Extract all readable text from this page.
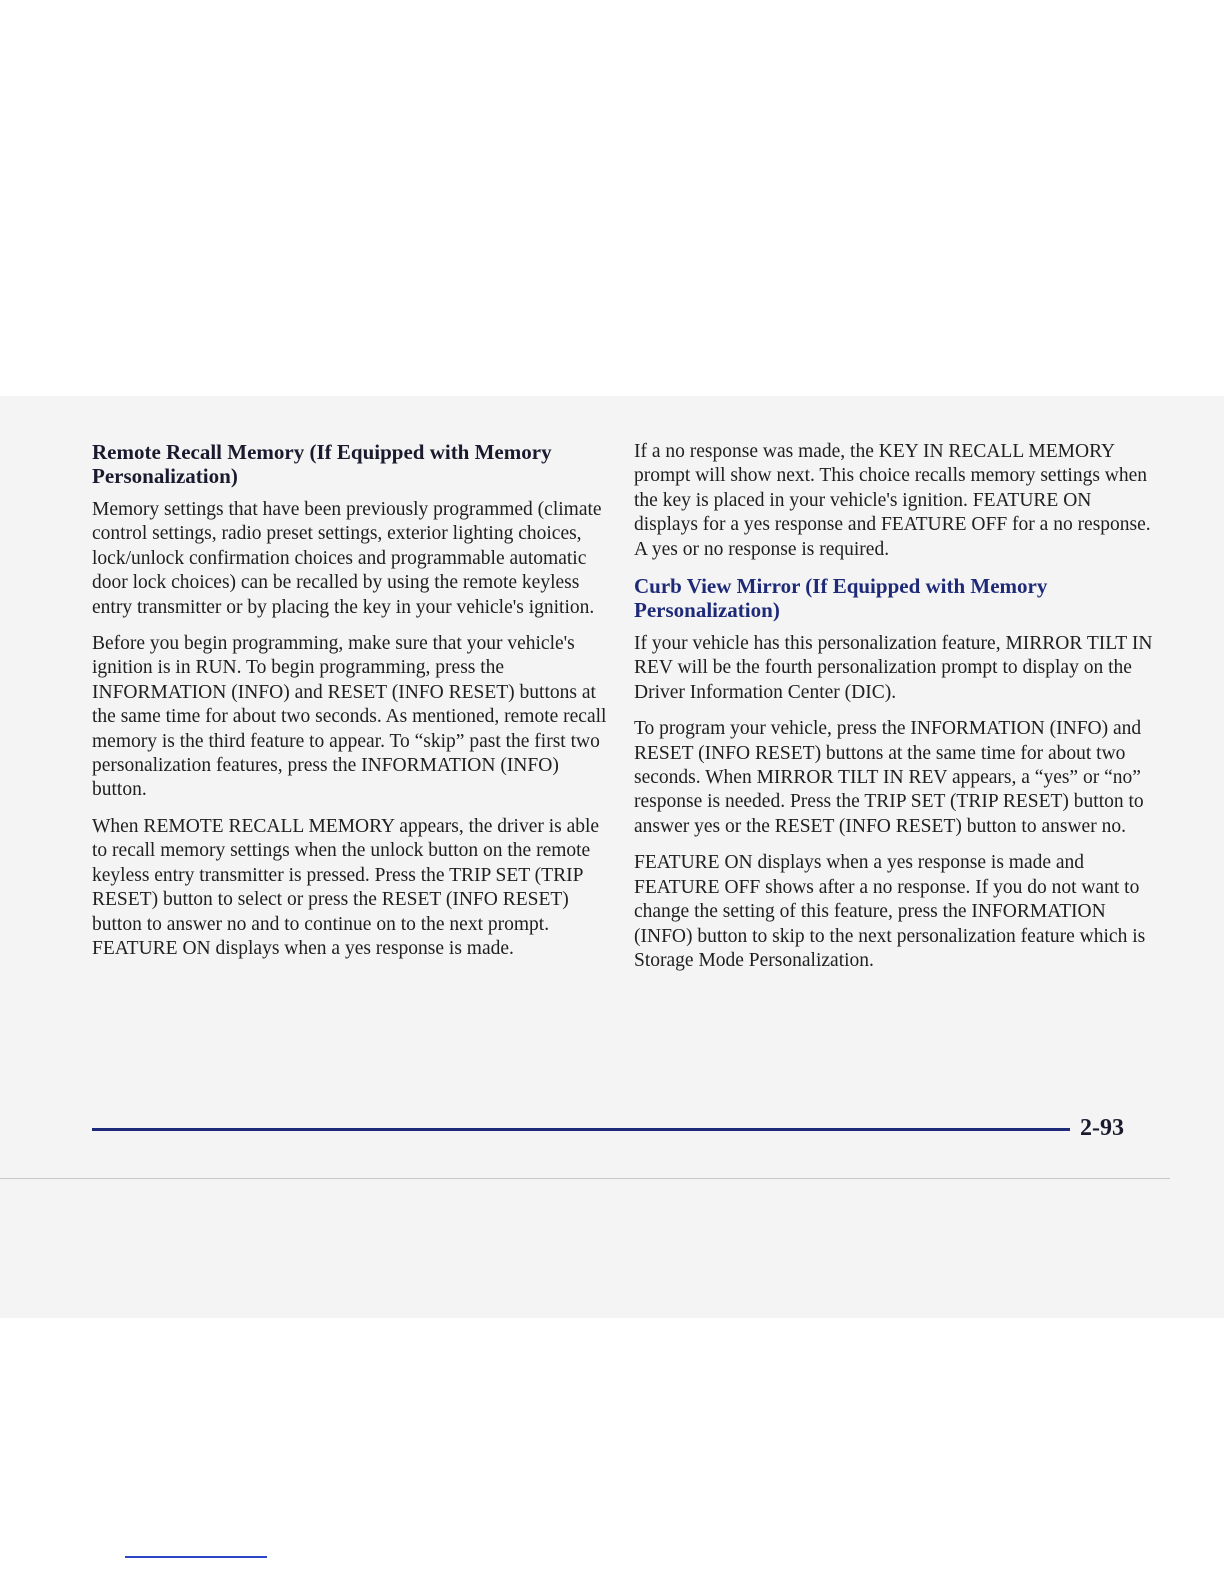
Remote Recall Memory (If Equipped with Memory Personalization)

Memory settings that have been previously programmed (climate control settings, radio preset settings, exterior lighting choices, lock/unlock confirmation choices and programmable automatic door lock choices) can be recalled by using the remote keyless entry transmitter or by placing the key in your vehicle's ignition.

Before you begin programming, make sure that your vehicle's ignition is in RUN. To begin programming, press the INFORMATION (INFO) and RESET (INFO RESET) buttons at the same time for about two seconds. As mentioned, remote recall memory is the third feature to appear. To “skip” past the first two personalization features, press the INFORMATION (INFO) button.

When REMOTE RECALL MEMORY appears, the driver is able to recall memory settings when the unlock button on the remote keyless entry transmitter is pressed. Press the TRIP SET (TRIP RESET) button to select or press the RESET (INFO RESET) button to answer no and to continue on to the next prompt. FEATURE ON displays when a yes response is made.

If a no response was made, the KEY IN RECALL MEMORY prompt will show next. This choice recalls memory settings when the key is placed in your vehicle's ignition. FEATURE ON displays for a yes response and FEATURE OFF for a no response. A yes or no response is required.

Curb View Mirror (If Equipped with Memory Personalization)

If your vehicle has this personalization feature, MIRROR TILT IN REV will be the fourth personalization prompt to display on the Driver Information Center (DIC).

To program your vehicle, press the INFORMATION (INFO) and RESET (INFO RESET) buttons at the same time for about two seconds. When MIRROR TILT IN REV appears, a “yes” or “no” response is needed. Press the TRIP SET (TRIP RESET) button to answer yes or the RESET (INFO RESET) button to answer no.

FEATURE ON displays when a yes response is made and FEATURE OFF shows after a no response. If you do not want to change the setting of this feature, press the INFORMATION (INFO) button to skip to the next personalization feature which is Storage Mode Personalization.

2-93
